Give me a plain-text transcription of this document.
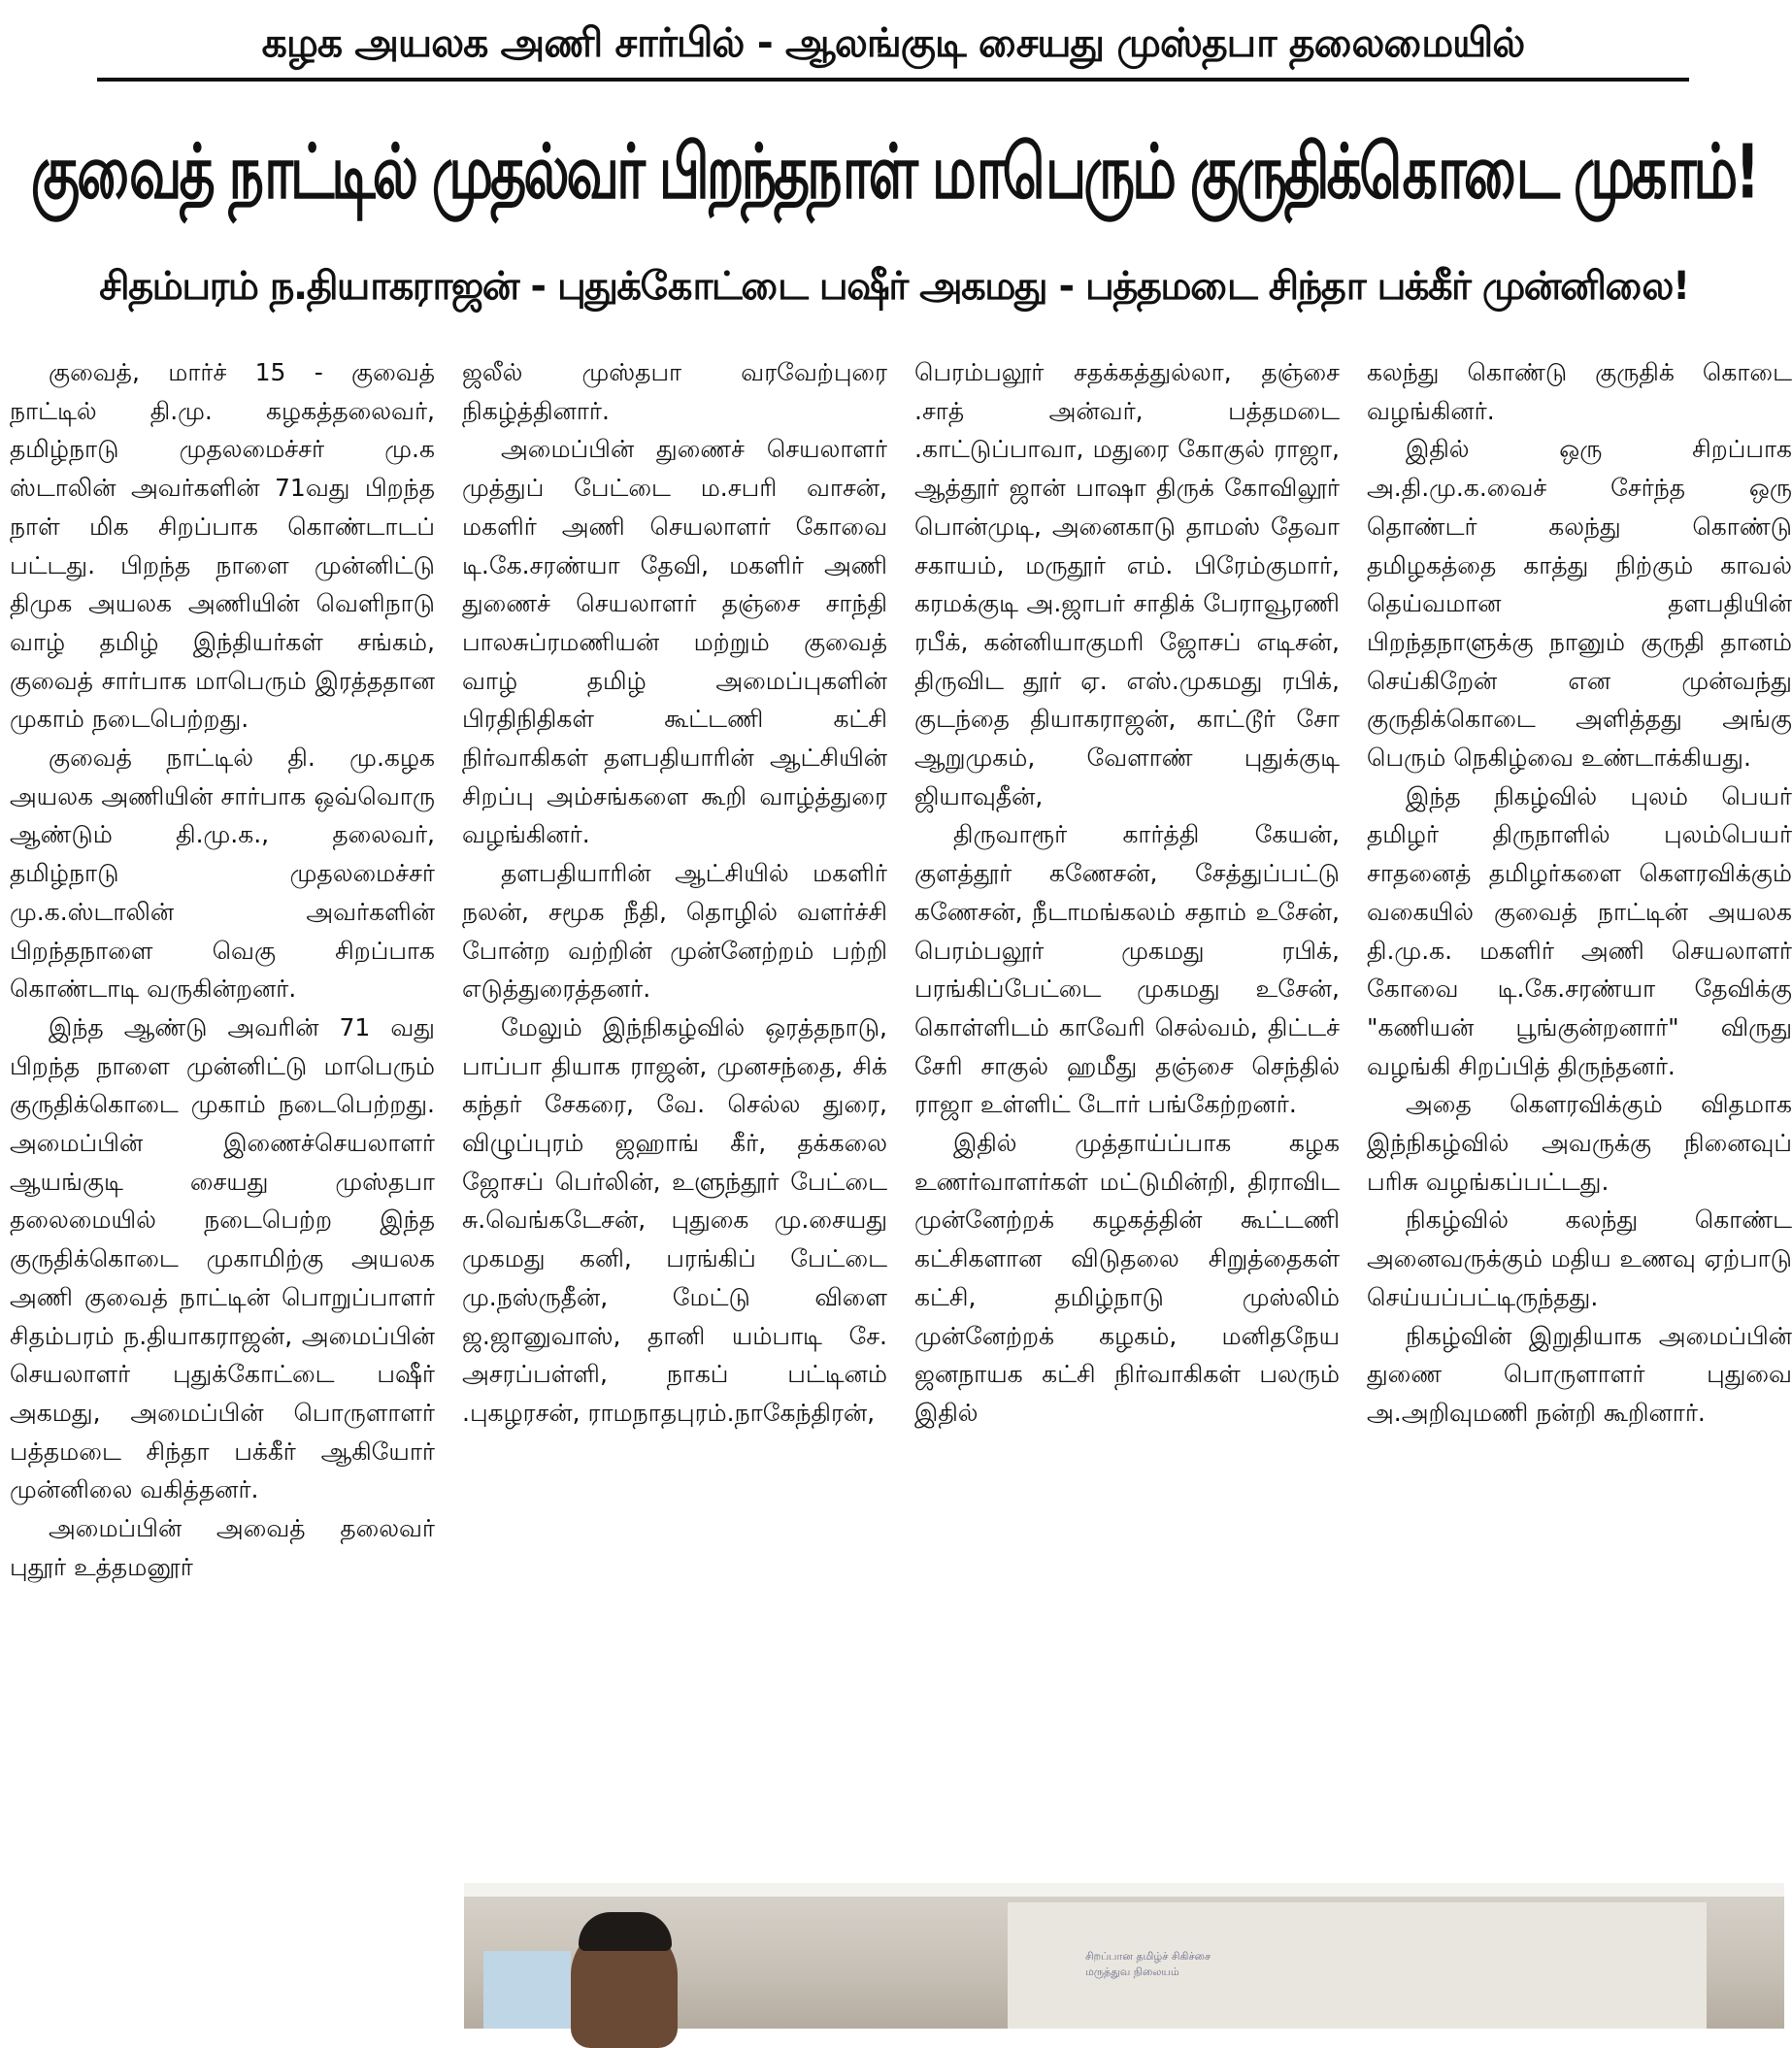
கழக அயலக அணி சார்பில் - ஆலங்குடி சையது முஸ்தபா தலைமையில்
குவைத் நாட்டில் முதல்வர் பிறந்தநாள் மாபெரும் குருதிக்கொடை முகாம்!
சிதம்பரம் ந.தியாகராஜன் - புதுக்கோட்டை பஷீர் அகமது - பத்தமடை சிந்தா பக்கீர் முன்னிலை!

குவைத், மார்ச் 15 - குவைத் நாட்டில் தி.மு. கழகத்தலைவர், தமிழ்நாடு முதலமைச்சர் மு.க ஸ்டாலின் அவர்களின் 71வது பிறந்த நாள் மிக சிறப்பாக கொண்டாடப் பட்டது. பிறந்த நாளை முன்னிட்டு திமுக அயலக அணியின் வெளிநாடு வாழ் தமிழ் இந்தியர்கள் சங்கம், குவைத் சார்பாக மாபெரும் இரத்ததான முகாம் நடைபெற்றது.

குவைத் நாட்டில் தி. மு.கழக அயலக அணியின் சார்பாக ஒவ்வொரு ஆண்டும் தி.மு.க., தலைவர், தமிழ்நாடு முதலமைச்சர் மு.க.ஸ்டாலின் அவர்களின் பிறந்தநாளை வெகு சிறப்பாக கொண்டாடி வருகின்றனர்.

இந்த ஆண்டு அவரின் 71 வது பிறந்த நாளை முன்னிட்டு மாபெரும் குருதிக்கொடை முகாம் நடைபெற்றது. அமைப்பின் இணைச்செயலாளர் ஆயங்குடி சையது முஸ்தபா தலைமையில் நடைபெற்ற இந்த குருதிக்கொடை முகாமிற்கு அயலக அணி குவைத் நாட்டின் பொறுப்பாளர் சிதம்பரம் ந.தியாகராஜன், அமைப்பின் செயலாளர் புதுக்கோட்டை பஷீர் அகமது, அமைப்பின் பொருளாளர் பத்தமடை சிந்தா பக்கீர் ஆகியோர் முன்னிலை வகித்தனர்.

அமைப்பின் அவைத் தலைவர் புதூர் உத்தமனூர்

ஜலீல் முஸ்தபா வரவேற்புரை நிகழ்த்தினார்.

அமைப்பின் துணைச் செயலாளர் முத்துப் பேட்டை ம.சபரி வாசன், மகளிர் அணி செயலாளர் கோவை டி.கே.சரண்யா தேவி, மகளிர் அணி துணைச் செயலாளர் தஞ்சை சாந்தி பாலசுப்ரமணியன் மற்றும் குவைத் வாழ் தமிழ் அமைப்புகளின் பிரதிநிதிகள் கூட்டணி கட்சி நிர்வாகிகள் தளபதியாரின் ஆட்சியின் சிறப்பு அம்சங்களை கூறி வாழ்த்துரை வழங்கினர்.

தளபதியாரின் ஆட்சியில் மகளிர் நலன், சமூக நீதி, தொழில் வளர்ச்சி போன்ற வற்றின் முன்னேற்றம் பற்றி எடுத்துரைத்தனர்.

மேலும் இந்நிகழ்வில் ஒரத்தநாடு, பாப்பா தியாக ராஜன், முனசந்தை, சிக் கந்தர் சேகரை, வே. செல்ல துரை, விழுப்புரம் ஜஹாங் கீர், தக்கலை ஜோசப் பெர்லின், உளுந்தூர் பேட்டை சு.வெங்கடேசன், புதுகை மு.சையது முகமது கனி, பரங்கிப் பேட்டை மு.நஸ்ருதீன், மேட்டு விளை ஜ.ஜானுவாஸ், தானி யம்பாடி சே. அசரப்பள்ளி, நாகப் பட்டினம் .புகழரசன், ராமநாதபுரம்.நாகேந்திரன்,

பெரம்பலூர் சதக்கத்துல்லா, தஞ்சை .சாத் அன்வர், பத்தமடை .காட்டுப்பாவா, மதுரை கோகுல் ராஜா, ஆத்தூர் ஜான் பாஷா திருக் கோவிலூர் பொன்முடி, அனைகாடு தாமஸ் தேவா சகாயம், மருதூர் எம். பிரேம்குமார், கரமக்குடி அ.ஜாபர் சாதிக் பேராவூரணி ரபீக், கன்னியாகுமரி ஜோசப் எடிசன், திருவிட தூர் ஏ. எஸ்.முகமது ரபிக், குடந்தை தியாகராஜன், காட்டூர் சோ ஆறுமுகம், வேளாண் புதுக்குடி ஜியாவுதீன்,

திருவாரூர் கார்த்தி கேயன், குளத்தூர் கணேசன், சேத்துப்பட்டு கணேசன், நீடாமங்கலம் சதாம் உசேன், பெரம்பலூர் முகமது ரபிக், பரங்கிப்பேட்டை முகமது உசேன், கொள்ளிடம் காவேரி செல்வம், திட்டச் சேரி சாகுல் ஹமீது தஞ்சை செந்தில் ராஜா உள்ளிட் டோர் பங்கேற்றனர்.

இதில் முத்தாய்ப்பாக கழக உணர்வாளர்கள் மட்டுமின்றி, திராவிட முன்னேற்றக் கழகத்தின் கூட்டணி கட்சிகளான விடுதலை சிறுத்தைகள் கட்சி, தமிழ்நாடு முஸ்லிம் முன்னேற்றக் கழகம், மனிதநேய ஜனநாயக கட்சி நிர்வாகிகள் பலரும் இதில்

கலந்து கொண்டு குருதிக் கொடை வழங்கினர்.

இதில் ஒரு சிறப்பாக அ.தி.மு.க.வைச் சேர்ந்த ஒரு தொண்டர் கலந்து கொண்டு தமிழகத்தை காத்து நிற்கும் காவல் தெய்வமான தளபதியின் பிறந்தநாளுக்கு நானும் குருதி தானம் செய்கிறேன் என முன்வந்து குருதிக்கொடை அளித்தது அங்கு பெரும் நெகிழ்வை உண்டாக்கியது.

இந்த நிகழ்வில் புலம் பெயர் தமிழர் திருநாளில் புலம்பெயர் சாதனைத் தமிழர்களை கௌரவிக்கும் வகையில் குவைத் நாட்டின் அயலக தி.மு.க. மகளிர் அணி செயலாளர் கோவை டி.கே.சரண்யா தேவிக்கு "கணியன் பூங்குன்றனார்" விருது வழங்கி சிறப்பித் திருந்தனர்.

அதை கௌரவிக்கும் விதமாக இந்நிகழ்வில் அவருக்கு நினைவுப் பரிசு வழங்கப்பட்டது.

நிகழ்வில் கலந்து கொண்ட அனைவருக்கும் மதிய உணவு ஏற்பாடு செய்யப்பட்டிருந்தது.

நிகழ்வின் இறுதியாக அமைப்பின் துணை பொருளாளர் புதுவை அ.அறிவுமணி நன்றி கூறினார்.

சிறப்பான தமிழ்ச் சிகிச்சை
மருத்துவ நிலையம்
